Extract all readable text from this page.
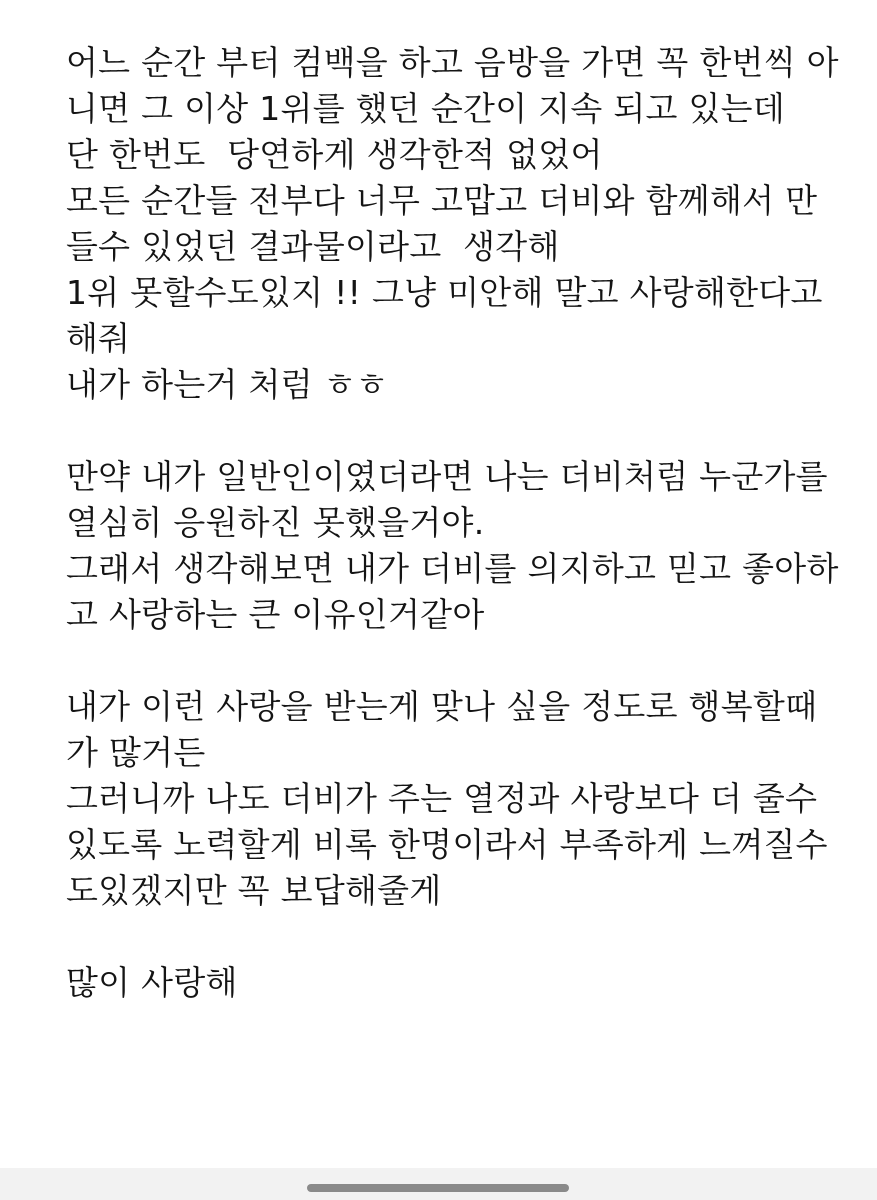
어느 순간 부터 컴백을 하고 음방을 가면 꼭 한번씩 아
니면 그 이상 1위를 했던 순간이 지속 되고 있는데
단 한번도  당연하게 생각한적 없었어
모든 순간들 전부다 너무 고맙고 더비와 함께해서 만
들수 있었던 결과물이라고  생각해
1위 못할수도있지 !! 그냥 미안해 말고 사랑해한다고
해줘
내가 하는거 처럼 ㅎㅎ
만약 내가 일반인이였더라면 나는 더비처럼 누군가를
열심히 응원하진 못했을거야.
그래서 생각해보면 내가 더비를 의지하고 믿고 좋아하
고 사랑하는 큰 이유인거같아
내가 이런 사랑을 받는게 맞나 싶을 정도로 행복할때
가 많거든
그러니까 나도 더비가 주는 열정과 사랑보다 더 줄수
있도록 노력할게 비록 한명이라서 부족하게 느껴질수
도있겠지만 꼭 보답해줄게
많이 사랑해
